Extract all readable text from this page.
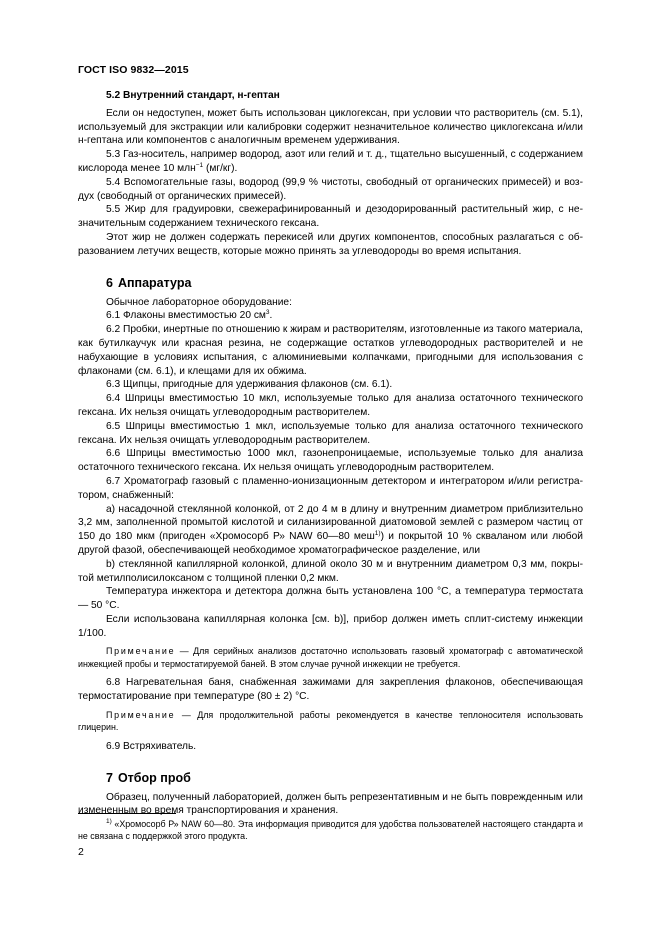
ГОСТ ISO 9832—2015

5.2 Внутренний стандарт, н-гептан

Если он недоступен, может быть использован циклогексан, при условии что растворитель (см. 5.1), используемый для экстракции или калибровки содержит незначительное количество циклогексана и/или н-гептана или компонентов с аналогичным временем удерживания.

5.3 Газ-носитель, например водород, азот или гелий и т. д., тщательно высушенный, с содержанием кислорода менее 10 млн$^{-1}$ (мг/кг).

5.4 Вспомогательные газы, водород (99,9 % чистоты, свободный от органических примесей) и воздух (свободный от органических примесей).

5.5 Жир для градуировки, свежерафинированный и дезодорированный растительный жир, с незначительным содержанием технического гексана.

Этот жир не должен содержать перекисей или других компонентов, способных разлагаться с образованием летучих веществ, которые можно принять за углеводороды во время испытания.

6 Аппаратура

Обычное лабораторное оборудование:

6.1 Флаконы вместимостью 20 $см^3$.

6.2 Пробки, инертные по отношению к жирам и растворителям, изготовленные из такого материала, как бутилкаучук или красная резина, не содержащие остатков углеводородных растворителей и не набухающие в условиях испытания, с алюминиевыми колпачками, пригодными для использования с флаконами (см. 6.1), и клещами для их обжима.

6.3 Щипцы, пригодные для удерживания флаконов (см. 6.1).

6.4 Шприцы вместимостью 10 мкл, используемые только для анализа остаточного технического гексана. Их нельзя очищать углеводородным растворителем.

6.5 Шприцы вместимостью 1 мкл, используемые только для анализа остаточного технического гексана. Их нельзя очищать углеводородным растворителем.

6.6 Шприцы вместимостью 1000 мкл, газонепроницаемые, используемые только для анализа остаточного технического гексана. Их нельзя очищать углеводородным растворителем.

6.7 Хроматограф газовый с пламенно-ионизационным детектором и интегратором и/или регистратором, снабженный:

а) насадочной стеклянной колонкой, от 2 до 4 м в длину и внутренним диаметром приблизительно 3,2 мм, заполненной промытой кислотой и силанизированной диатомовой землей с размером частиц от 150 до 180 мкм (пригоден «Хромосорб Р» NAW 60—80 меш$^{1)}$) и покрытой 10 % скваланом или любой другой фазой, обеспечивающей необходимое хроматографическое разделение, или

b) стеклянной капиллярной колонкой, длиной около 30 м и внутренним диаметром 0,3 мм, покрытой метилполисилоксаном с толщиной пленки 0,2 мкм.

Температура инжектора и детектора должна быть установлена 100 °С, а температура термостата — 50 °С.

Если использована капиллярная колонка [см. b)], прибор должен иметь сплит-систему инжекции 1/100.

Примечание — Для серийных анализов достаточно использовать газовый хроматограф с автоматической инжекцией пробы и термостатируемой баней. В этом случае ручной инжекции не требуется.

6.8 Нагревательная баня, снабженная зажимами для закрепления флаконов, обеспечивающая термостатирование при температуре (80 ± 2) °С.

Примечание — Для продолжительной работы рекомендуется в качестве теплоносителя использовать глицерин.

6.9 Встряхиватель.

7 Отбор проб

Образец, полученный лабораторией, должен быть репрезентативным и не быть поврежденным или измененным во время транспортирования и хранения.

$^{1)}$ «Хромосорб Р» NAW 60—80. Эта информация приводится для удобства пользователей настоящего стандарта и не связана с поддержкой этого продукта.
2
